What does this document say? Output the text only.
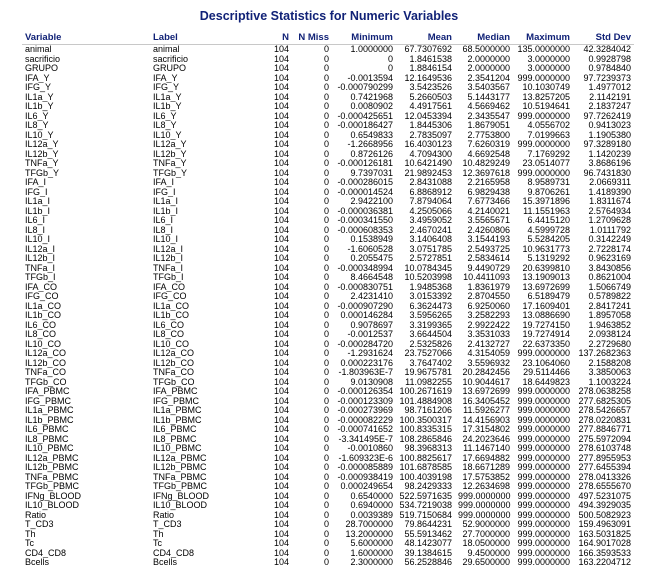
Descriptive Statistics for Numeric Variables
Variable	Label	N	N Miss	Minimum	Mean	Median	Maximum	Std Dev
animal	animal	104	0	1.0000000	67.7307692	68.5000000	135.0000000	42.3284042
sacrificio	sacrificio	104	0	0	1.8461538	2.0000000	3.0000000	0.9928798
GRUPO	GRUPO	104	0	0	1.8846154	2.0000000	3.0000000	0.9784840
IFA_Y	IFA_Y	104	0	-0.0013594	12.1649536	2.3541204	999.0000000	97.7239373
IFG_Y	IFG_Y	104	0	-0.000790299	3.5423526	3.5403567	10.1030749	1.4977012
IL1a_Y	IL1a_Y	104	0	0.7421968	5.2660503	5.1443177	13.8257205	2.1142191
IL1b_Y	IL1b_Y	104	0	0.0080902	4.4917561	4.5669462	10.5194641	2.1837247
IL6_Y	IL6_Y	104	0	-0.000425651	12.0453394	2.3435547	999.0000000	97.7262419
IL8_Y	IL8_Y	104	0	-0.000186427	1.8445306	1.8679051	4.0556702	0.9413023
IL10_Y	IL10_Y	104	0	0.6549833	2.7835097	2.7753800	7.0199663	1.1905380
IL12a_Y	IL12a_Y	104	0	-1.2668956	16.4030123	7.6260319	999.0000000	97.3289180
IL12b_Y	IL12b_Y	104	0	0.8726126	4.7094300	4.6692548	7.1769292	1.1420239
TNFa_Y	TNFa_Y	104	0	-0.000126181	10.6421490	10.4829249	23.0514077	3.8686196
TFGb_Y	TFGb_Y	104	0	9.7397031	21.9892453	12.3697618	999.0000000	96.7431830
IFA_I	IFA_I	104	0	-0.000286015	2.8431088	2.2165958	8.9589731	2.0669311
IFG_I	IFG_I	104	0	-0.000014524	6.8868912	6.9829438	9.8706261	1.4189390
IL1a_I	IL1a_I	104	0	2.9422100	7.8794064	7.6773466	15.3971896	1.8311674
IL1b_I	IL1b_I	104	0	-0.000036381	4.2505066	4.2140021	11.1551963	2.5764934
IL6_I	IL6_I	104	0	-0.000341550	3.4959052	3.5565671	6.4415120	1.2709628
IL8_I	IL8_I	104	0	-0.000608353	2.4670241	2.4260806	4.5999728	1.0111792
IL10_I	IL10_I	104	0	0.1538949	3.1406408	3.1544193	5.5284205	0.3142249
IL12a_I	IL12a_I	104	0	-1.6060528	3.0751785	2.5493725	10.9631773	2.7228174
IL12b_I	IL12b_I	104	0	0.2055475	2.5727851	2.5834614	5.1319292	0.9623169
TNFa_I	TNFa_I	104	0	-0.000348994	10.0784345	9.4490729	20.6399810	3.8430856
TFGb_I	TFGb_I	104	0	8.4664548	10.5203998	10.4411093	13.1909013	0.8621004
IFA_CO	IFA_CO	104	0	-0.000830751	1.9485368	1.8361979	13.6972699	1.5066749
IFG_CO	IFG_CO	104	0	2.4231410	3.0153392	2.8704550	6.5189479	0.5789822
IL1a_CO	IL1a_CO	104	0	-0.000907290	6.3624473	6.9250060	17.1609401	2.8417241
IL1b_CO	IL1b_CO	104	0	0.000146284	3.5956265	3.2582293	13.0886690	1.8957058
IL6_CO	IL6_CO	104	0	0.9078697	3.3199365	2.9922422	19.7274150	1.9463852
IL8_CO	IL8_CO	104	0	-0.0012537	3.6644504	3.3531033	19.7274914	2.0938124
IL10_CO	IL10_CO	104	0	-0.000284720	2.5325826	2.4132727	22.6373350	2.2729680
IL12a_CO	IL12a_CO	104	0	-1.2931624	23.7527066	4.3154059	999.0000000	137.2682363
IL12b_CO	IL12b_CO	104	0	0.000223176	3.7647402	3.5596932	23.1064060	2.1588208
TNFa_CO	TNFa_CO	104	0	-1.803963E-7	19.9675781	20.2842456	29.5114466	3.3850063
TFGb_CO	TFGb_CO	104	0	9.0130908	11.0982255	10.9044617	18.6449823	1.1003224
IFA_PBMC	IFA_PBMC	104	0	-0.000126354	100.2671619	13.6972699	999.0000000	278.0638258
IFG_PBMC	IFG_PBMC	104	0	-0.000123309	101.4884908	16.3405452	999.0000000	277.6825305
IL1a_PBMC	IL1a_PBMC	104	0	-0.000273969	98.7161206	11.5926277	999.0000000	278.5426657
IL1b_PBMC	IL1b_PBMC	104	0	-0.000082229	100.3500317	14.4156903	999.0000000	278.0220831
IL6_PBMC	IL6_PBMC	104	0	-0.000741652	100.8335315	17.3154802	999.0000000	277.8846771
IL8_PBMC	IL8_PBMC	104	0	-3.341495E-7	108.2865846	24.2023646	999.0000000	275.5972094
IL10_PBMC	IL10_PBMC	104	0	-0.0010860	98.3968313	11.1467140	999.0000000	278.6103748
IL12a_PBMC	IL12a_PBMC	104	0	-1.609323E-6	100.8825617	17.6694882	999.0000000	277.8955953
IL12b_PBMC	IL12b_PBMC	104	0	-0.000085889	101.6878585	18.6671289	999.0000000	277.6455394
TNFa_PBMC	TNFa_PBMC	104	0	-0.000938419	100.4039198	17.5753852	999.0000000	278.0413326
TFGb_PBMC	TFGb_PBMC	104	0	0.000249654	98.2429333	12.2634698	999.0000000	278.6555670
IFNg_BLOOD	IFNg_BLOOD	104	0	0.6540000	522.5971635	999.0000000	999.0000000	497.5231075
IL10_BLOOD	IL10_BLOOD	104	0	0.6940000	534.7219038	999.0000000	999.0000000	494.3929035
Ratio	Ratio	104	0	0.0039389	519.7150684	999.0000000	999.0000000	500.5082923
T_CD3	T_CD3	104	0	28.7000000	79.8644231	52.9000000	999.0000000	159.4963091
Th	Th	104	0	13.2000000	55.5913462	27.7000000	999.0000000	163.5031825
Tc	Tc	104	0	5.6000000	48.1423077	18.0500000	999.0000000	164.9017028
CD4_CD8	CD4_CD8	104	0	1.6000000	39.1384615	9.4500000	999.0000000	166.3593533
Bcells	Bcells	104	0	2.3000000	56.2528846	29.6500000	999.0000000	163.2204712
